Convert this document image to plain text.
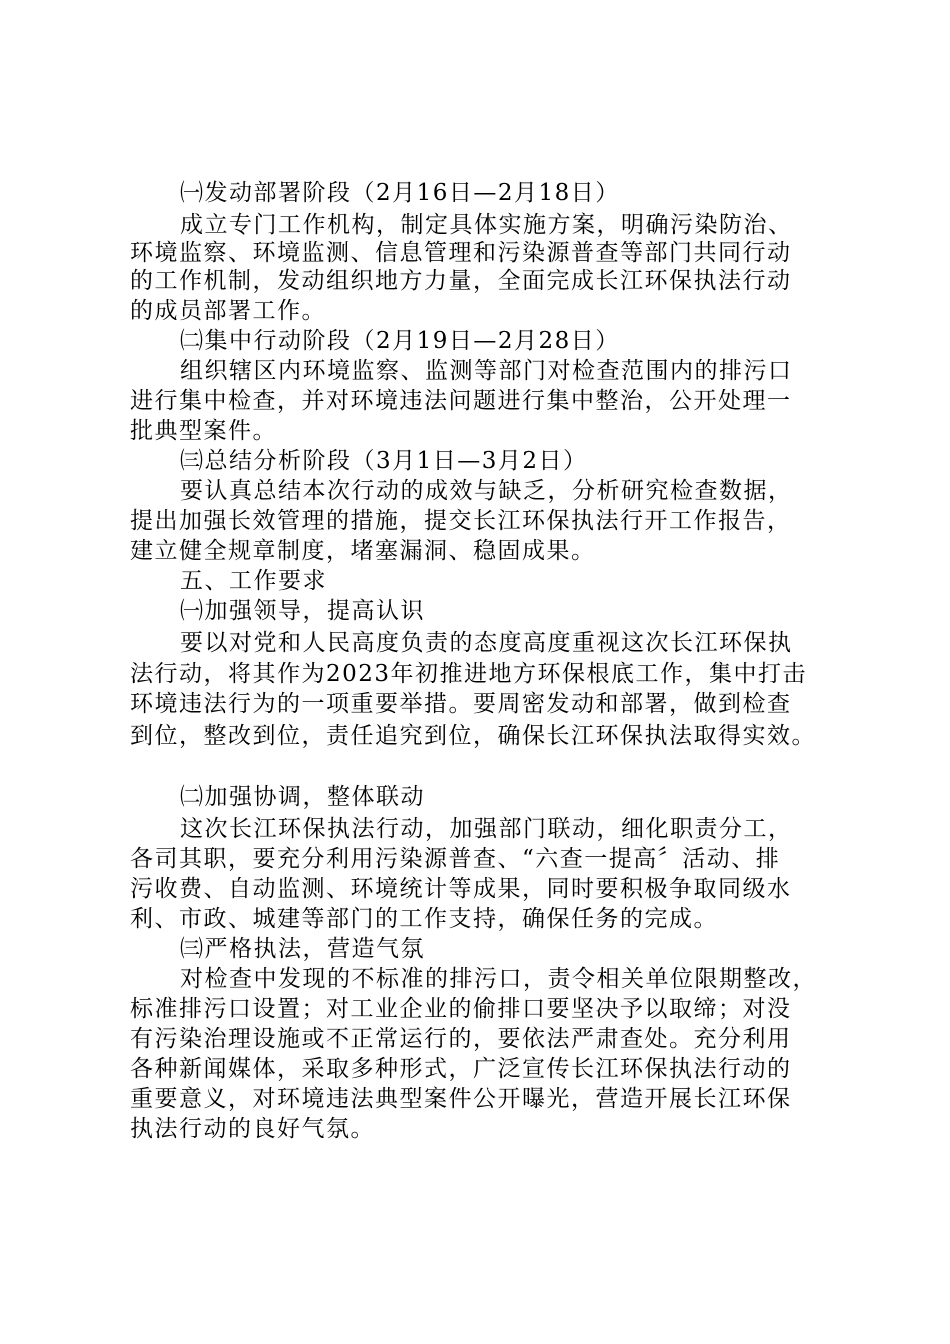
㈠发动部署阶段（2月16日—2月18日）
成立专门工作机构，制定具体实施方案，明确污染防治、
环境监察、环境监测、信息管理和污染源普查等部门共同行动
的工作机制，发动组织地方力量，全面完成长江环保执法行动
的成员部署工作。
㈡集中行动阶段（2月19日—2月28日）
组织辖区内环境监察、监测等部门对检查范围内的排污口
进行集中检查，并对环境违法问题进行集中整治，公开处理一
批典型案件。
㈢总结分析阶段（3月1日—3月2日）
要认真总结本次行动的成效与缺乏，分析研究检查数据，
提出加强长效管理的措施，提交长江环保执法行开工作报告，
建立健全规章制度，堵塞漏洞、稳固成果。
五、工作要求
㈠加强领导，提高认识
要以对党和人民高度负责的态度高度重视这次长江环保执
法行动，将其作为2023年初推进地方环保根底工作，集中打击
环境违法行为的一项重要举措。要周密发动和部署，做到检查
到位，整改到位，责任追究到位，确保长江环保执法取得实效。
㈡加强协调，整体联动
这次长江环保执法行动，加强部门联动，细化职责分工，
各司其职，要充分利用污染源普查、“六查一提高〞活动、排
污收费、自动监测、环境统计等成果，同时要积极争取同级水
利、市政、城建等部门的工作支持，确保任务的完成。
㈢严格执法，营造气氛
对检查中发现的不标准的排污口，责令相关单位限期整改，
标准排污口设置；对工业企业的偷排口要坚决予以取缔；对没
有污染治理设施或不正常运行的，要依法严肃查处。充分利用
各种新闻媒体，采取多种形式，广泛宣传长江环保执法行动的
重要意义，对环境违法典型案件公开曝光，营造开展长江环保
执法行动的良好气氛。
